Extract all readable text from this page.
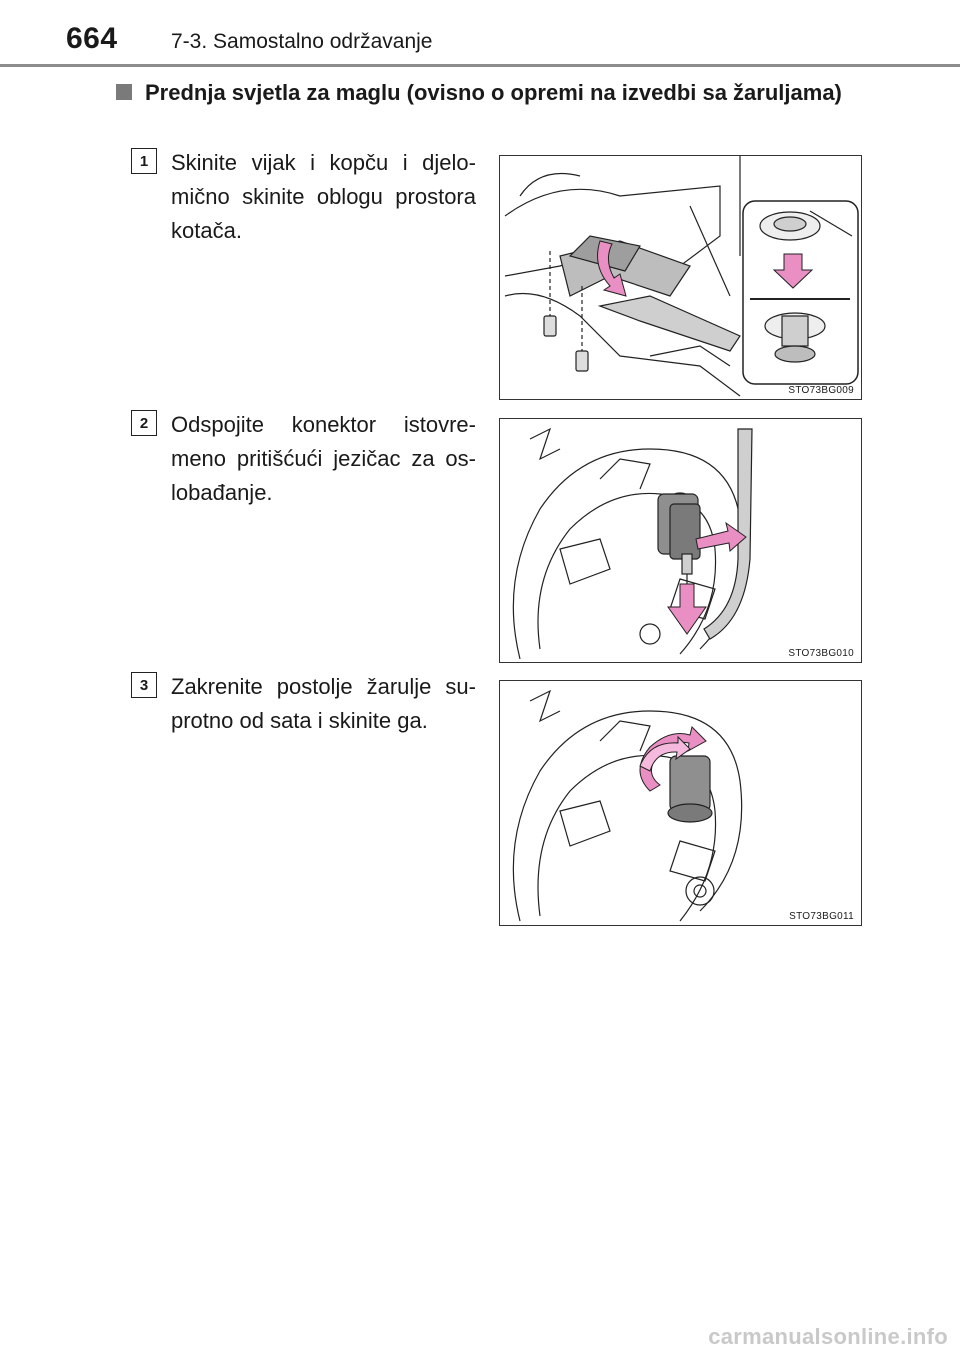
664	7-3. Samostalno održavanje
Prednja svjetla za maglu (ovisno o opremi na izvedbi sa žaruljama)
1	Skinite vijak i kopču i djelo-
mično skinite oblogu prostora
kotača.
STO73BG009
2	Odspojite konektor istovre-
meno pritišćući jezičac za os-
lobađanje.
STO73BG010
3	Zakrenite postolje žarulje su-
protno od sata i skinite ga.
STO73BG011
carmanualsonline.info
